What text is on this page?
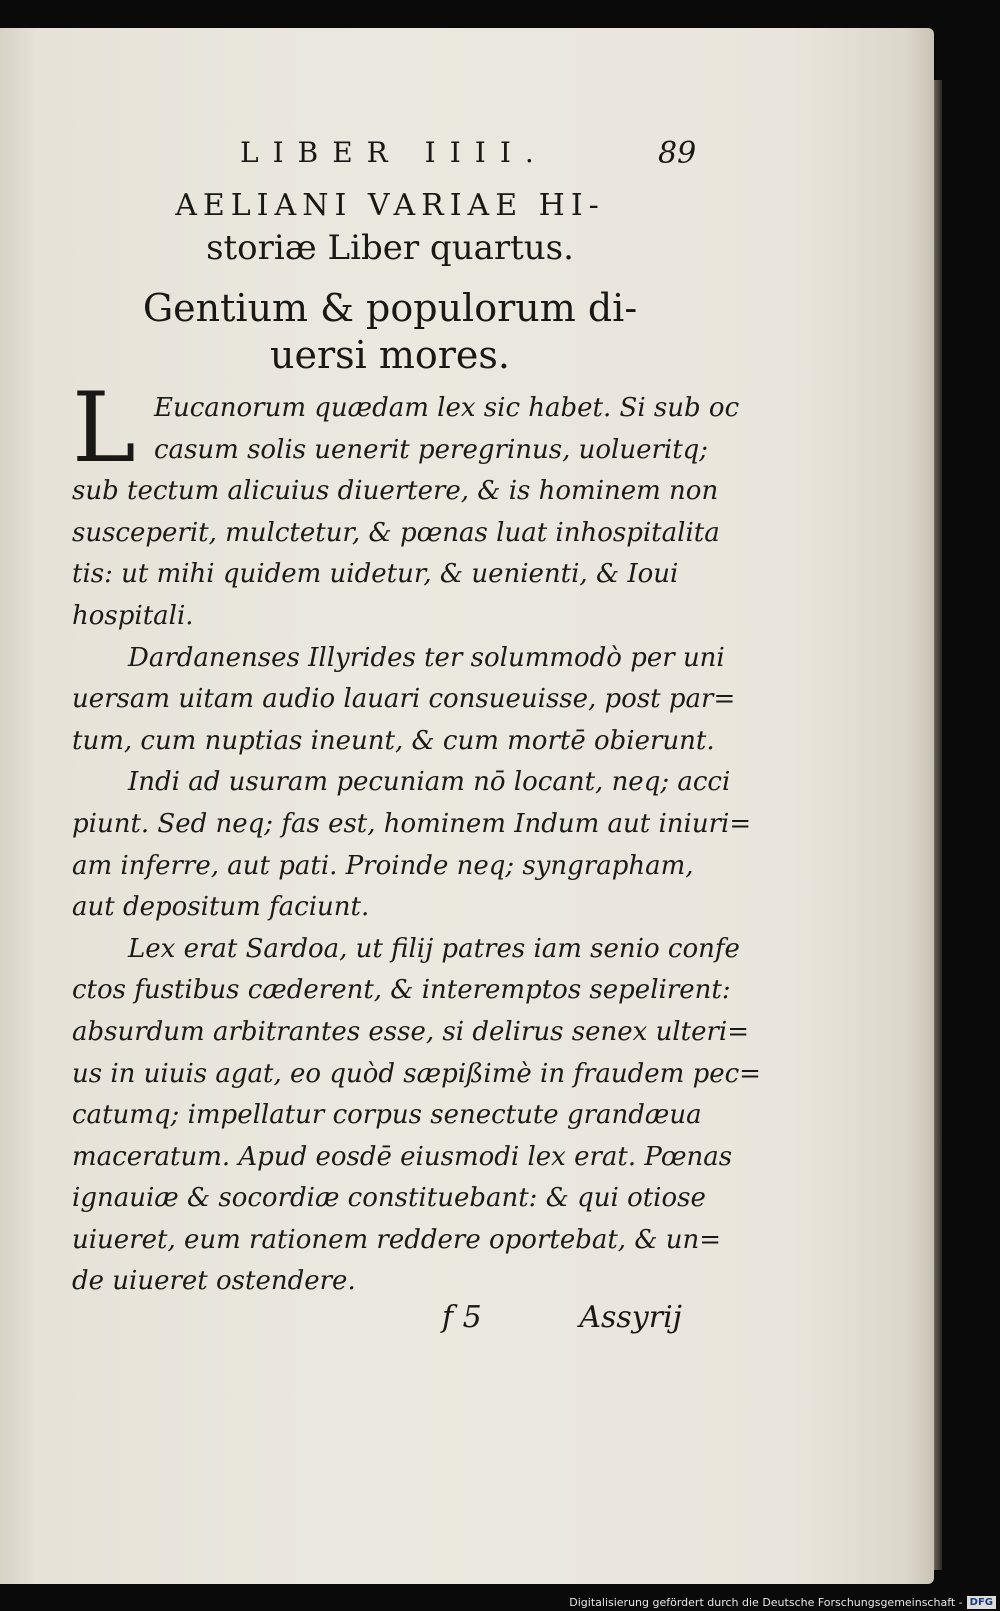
LIBER IIII.	89
AELIANI VARIAE HI-
storiæ Liber quartus.
Gentium & populorum di-
uersi mores.
L Eucanorum quædam lex sic habet. Si sub oc
casum solis uenerit peregrinus, uolueritq;
sub tectum alicuius diuertere, & is hominem non
susceperit, mulctetur, & pœnas luat inhospitalita
tis: ut mihi quidem uidetur, & uenienti, & Ioui
hospitali.
Dardanenses Illyrides ter solummodò per uni
uersam uitam audio lauari consueuisse, post par=
tum, cum nuptias ineunt, & cum mortē obierunt.
Indi ad usuram pecuniam nō locant, neq; acci
piunt. Sed neq; fas est, hominem Indum aut iniuri=
am inferre, aut pati. Proinde neq; syngrapham,
aut depositum faciunt.
Lex erat Sardoa, ut filij patres iam senio confe
ctos fustibus cæderent, & interemptos sepelirent:
absurdum arbitrantes esse, si delirus senex ulteri=
us in uiuis agat, eo quòd sæpißimè in fraudem pec=
catumq; impellatur corpus senectute grandæua
maceratum. Apud eosdē eiusmodi lex erat. Pœnas
ignauiæ & socordiæ constituebant: & qui otiose
uiueret, eum rationem reddere oportebat, & un=
de uiueret ostendere.
f 5	Assyrij
Digitalisierung gefördert durch die Deutsche Forschungsgemeinschaft - DFG
